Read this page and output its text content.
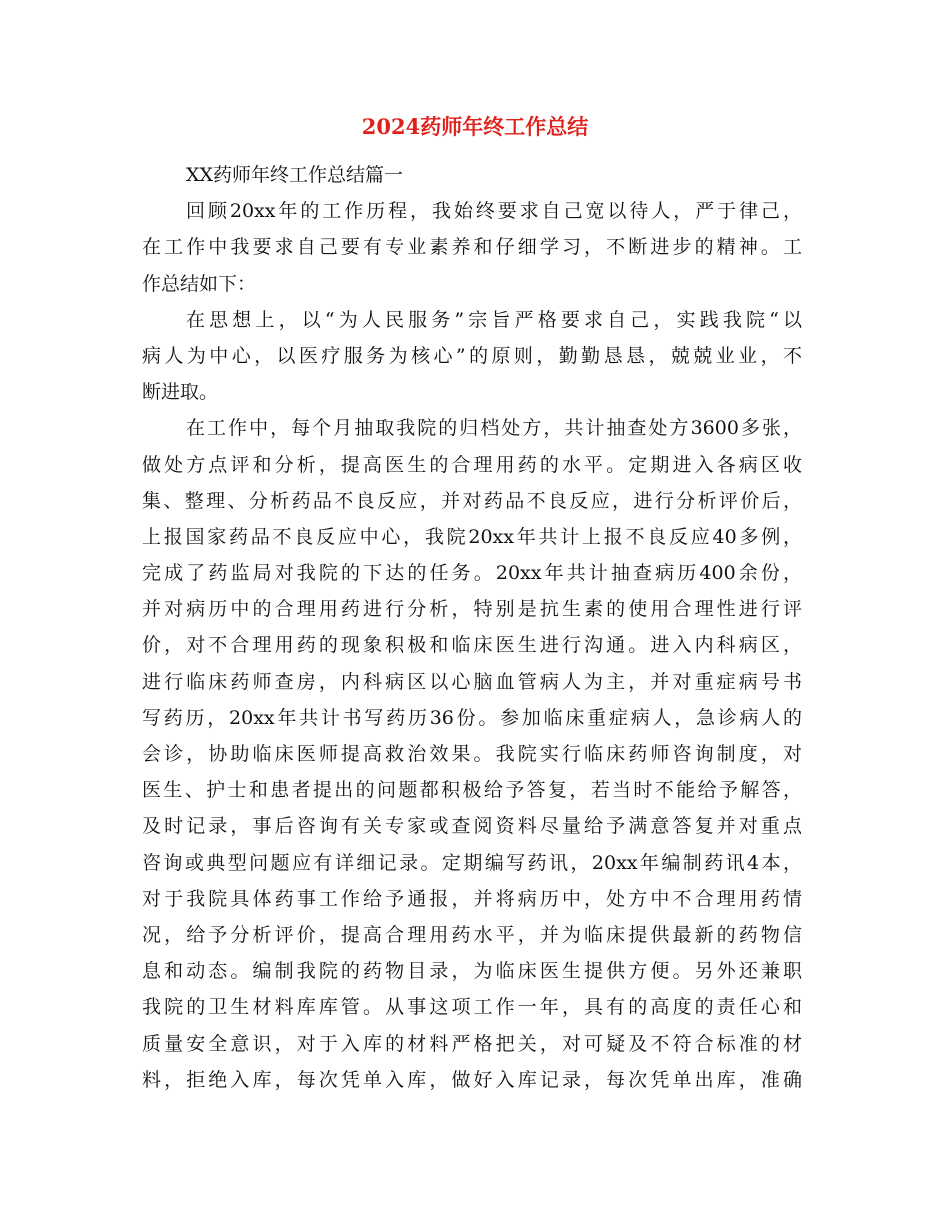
2024药师年终工作总结
XX药师年终工作总结篇一
回顾20xx年的工作历程，我始终要求自己宽以待人，严于律己，
在工作中我要求自己要有专业素养和仔细学习，不断进步的精神。工
作总结如下：
在思想上，以“为人民服务”宗旨严格要求自己，实践我院“以
病人为中心，以医疗服务为核心”的原则，勤勤恳恳，兢兢业业，不
断进取。
在工作中，每个月抽取我院的归档处方，共计抽查处方3600多张，
做处方点评和分析，提高医生的合理用药的水平。定期进入各病区收
集、整理、分析药品不良反应，并对药品不良反应，进行分析评价后，
上报国家药品不良反应中心，我院20xx年共计上报不良反应40多例，
完成了药监局对我院的下达的任务。20xx年共计抽查病历400余份，
并对病历中的合理用药进行分析，特别是抗生素的使用合理性进行评
价，对不合理用药的现象积极和临床医生进行沟通。进入内科病区，
进行临床药师查房，内科病区以心脑血管病人为主，并对重症病号书
写药历，20xx年共计书写药历36份。参加临床重症病人，急诊病人的
会诊，协助临床医师提高救治效果。我院实行临床药师咨询制度，对
医生、护士和患者提出的问题都积极给予答复，若当时不能给予解答，
及时记录，事后咨询有关专家或查阅资料尽量给予满意答复并对重点
咨询或典型问题应有详细记录。定期编写药讯，20xx年编制药讯4本，
对于我院具体药事工作给予通报，并将病历中，处方中不合理用药情
况，给予分析评价，提高合理用药水平，并为临床提供最新的药物信
息和动态。编制我院的药物目录，为临床医生提供方便。另外还兼职
我院的卫生材料库库管。从事这项工作一年，具有的高度的责任心和
质量安全意识，对于入库的材料严格把关，对可疑及不符合标准的材
料，拒绝入库，每次凭单入库，做好入库记录，每次凭单出库，准确
